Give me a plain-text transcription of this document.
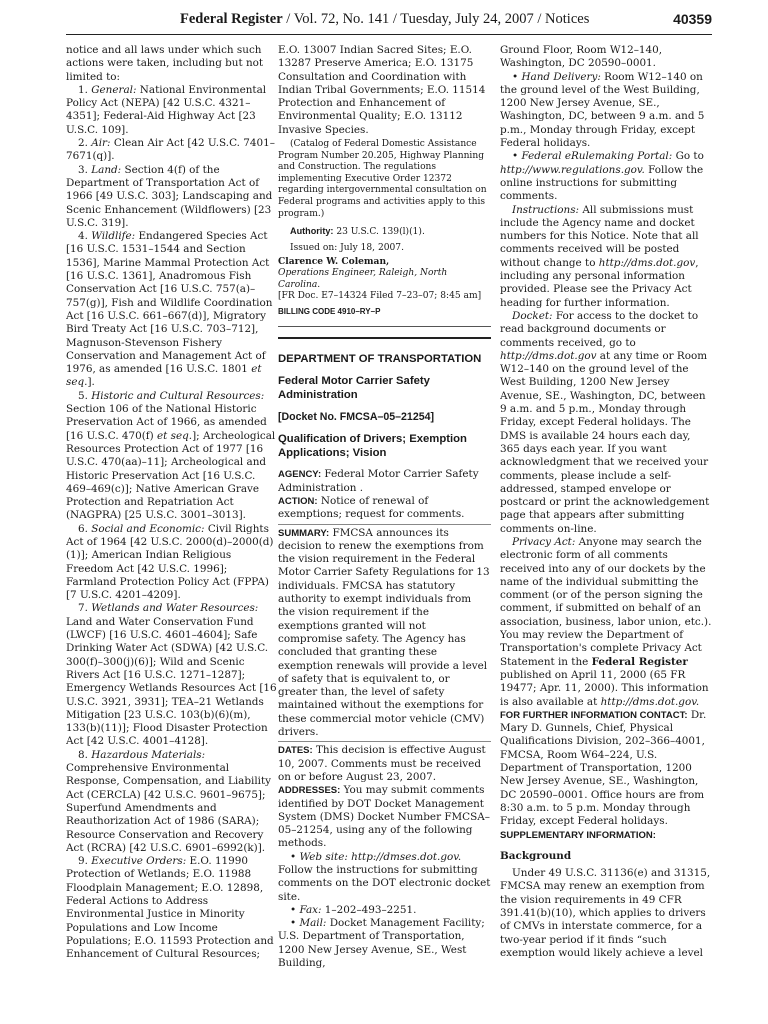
Federal Register / Vol. 72, No. 141 / Tuesday, July 24, 2007 / Notices	40359

notice and all laws under which such actions were taken, including but not limited to:

1. General: National Environmental Policy Act (NEPA) [42 U.S.C. 4321–4351]; Federal-Aid Highway Act [23 U.S.C. 109].

2. Air: Clean Air Act [42 U.S.C. 7401–7671(q)].

3. Land: Section 4(f) of the Department of Transportation Act of 1966 [49 U.S.C. 303]; Landscaping and Scenic Enhancement (Wildflowers) [23 U.S.C. 319].

4. Wildlife: Endangered Species Act [16 U.S.C. 1531–1544 and Section 1536], Marine Mammal Protection Act [16 U.S.C. 1361], Anadromous Fish Conservation Act [16 U.S.C. 757(a)–757(g)], Fish and Wildlife Coordination Act [16 U.S.C. 661–667(d)], Migratory Bird Treaty Act [16 U.S.C. 703–712], Magnuson-Stevenson Fishery Conservation and Management Act of 1976, as amended [16 U.S.C. 1801 et seq.].

5. Historic and Cultural Resources: Section 106 of the National Historic Preservation Act of 1966, as amended [16 U.S.C. 470(f) et seq.]; Archeological Resources Protection Act of 1977 [16 U.S.C. 470(aa)–11]; Archeological and Historic Preservation Act [16 U.S.C. 469–469(c)]; Native American Grave Protection and Repatriation Act (NAGPRA) [25 U.S.C. 3001–3013].

6. Social and Economic: Civil Rights Act of 1964 [42 U.S.C. 2000(d)–2000(d)(1)]; American Indian Religious Freedom Act [42 U.S.C. 1996]; Farmland Protection Policy Act (FPPA) [7 U.S.C. 4201–4209].

7. Wetlands and Water Resources: Land and Water Conservation Fund (LWCF) [16 U.S.C. 4601–4604]; Safe Drinking Water Act (SDWA) [42 U.S.C. 300(f)–300(j)(6)]; Wild and Scenic Rivers Act [16 U.S.C. 1271–1287]; Emergency Wetlands Resources Act [16 U.S.C. 3921, 3931]; TEA–21 Wetlands Mitigation [23 U.S.C. 103(b)(6)(m), 133(b)(11)]; Flood Disaster Protection Act [42 U.S.C. 4001–4128].

8. Hazardous Materials: Comprehensive Environmental Response, Compensation, and Liability Act (CERCLA) [42 U.S.C. 9601–9675]; Superfund Amendments and Reauthorization Act of 1986 (SARA); Resource Conservation and Recovery Act (RCRA) [42 U.S.C. 6901–6992(k)].

9. Executive Orders: E.O. 11990 Protection of Wetlands; E.O. 11988 Floodplain Management; E.O. 12898, Federal Actions to Address Environmental Justice in Minority Populations and Low Income Populations; E.O. 11593 Protection and Enhancement of Cultural Resources;

E.O. 13007 Indian Sacred Sites; E.O. 13287 Preserve America; E.O. 13175 Consultation and Coordination with Indian Tribal Governments; E.O. 11514 Protection and Enhancement of Environmental Quality; E.O. 13112 Invasive Species.

(Catalog of Federal Domestic Assistance Program Number 20.205, Highway Planning and Construction. The regulations implementing Executive Order 12372 regarding intergovernmental consultation on Federal programs and activities apply to this program.)

Authority: 23 U.S.C. 139(l)(1).

Issued on: July 18, 2007.

Clarence W. Coleman,

Operations Engineer, Raleigh, North Carolina.

[FR Doc. E7–14324 Filed 7–23–07; 8:45 am]

BILLING CODE 4910–RY–P

DEPARTMENT OF TRANSPORTATION

Federal Motor Carrier Safety Administration

[Docket No. FMCSA–05–21254]

Qualification of Drivers; Exemption Applications; Vision

AGENCY: Federal Motor Carrier Safety Administration .

ACTION: Notice of renewal of exemptions; request for comments.

SUMMARY: FMCSA announces its decision to renew the exemptions from the vision requirement in the Federal Motor Carrier Safety Regulations for 13 individuals. FMCSA has statutory authority to exempt individuals from the vision requirement if the exemptions granted will not compromise safety. The Agency has concluded that granting these exemption renewals will provide a level of safety that is equivalent to, or greater than, the level of safety maintained without the exemptions for these commercial motor vehicle (CMV) drivers.

DATES: This decision is effective August 10, 2007. Comments must be received on or before August 23, 2007.

ADDRESSES: You may submit comments identified by DOT Docket Management System (DMS) Docket Number FMCSA–05–21254, using any of the following methods.

• Web site: http://dmses.dot.gov. Follow the instructions for submitting comments on the DOT electronic docket site.

• Fax: 1–202–493–2251.

• Mail: Docket Management Facility; U.S. Department of Transportation, 1200 New Jersey Avenue, SE., West Building,

Ground Floor, Room W12–140, Washington, DC 20590–0001.

• Hand Delivery: Room W12–140 on the ground level of the West Building, 1200 New Jersey Avenue, SE., Washington, DC, between 9 a.m. and 5 p.m., Monday through Friday, except Federal holidays.

• Federal eRulemaking Portal: Go to http://www.regulations.gov. Follow the online instructions for submitting comments.

Instructions: All submissions must include the Agency name and docket numbers for this Notice. Note that all comments received will be posted without change to http://dms.dot.gov, including any personal information provided. Please see the Privacy Act heading for further information.

Docket: For access to the docket to read background documents or comments received, go to http://dms.dot.gov at any time or Room W12–140 on the ground level of the West Building, 1200 New Jersey Avenue, SE., Washington, DC, between 9 a.m. and 5 p.m., Monday through Friday, except Federal holidays. The DMS is available 24 hours each day, 365 days each year. If you want acknowledgment that we received your comments, please include a self-addressed, stamped envelope or postcard or print the acknowledgement page that appears after submitting comments on-line.

Privacy Act: Anyone may search the electronic form of all comments received into any of our dockets by the name of the individual submitting the comment (or of the person signing the comment, if submitted on behalf of an association, business, labor union, etc.). You may review the Department of Transportation's complete Privacy Act Statement in the Federal Register published on April 11, 2000 (65 FR 19477; Apr. 11, 2000). This information is also available at http://dms.dot.gov.

FOR FURTHER INFORMATION CONTACT: Dr. Mary D. Gunnels, Chief, Physical Qualifications Division, 202–366–4001, FMCSA, Room W64–224, U.S. Department of Transportation, 1200 New Jersey Avenue, SE., Washington, DC 20590–0001. Office hours are from 8:30 a.m. to 5 p.m. Monday through Friday, except Federal holidays.

SUPPLEMENTARY INFORMATION:

Background

Under 49 U.S.C. 31136(e) and 31315, FMCSA may renew an exemption from the vision requirements in 49 CFR 391.41(b)(10), which applies to drivers of CMVs in interstate commerce, for a two-year period if it finds “such exemption would likely achieve a level
